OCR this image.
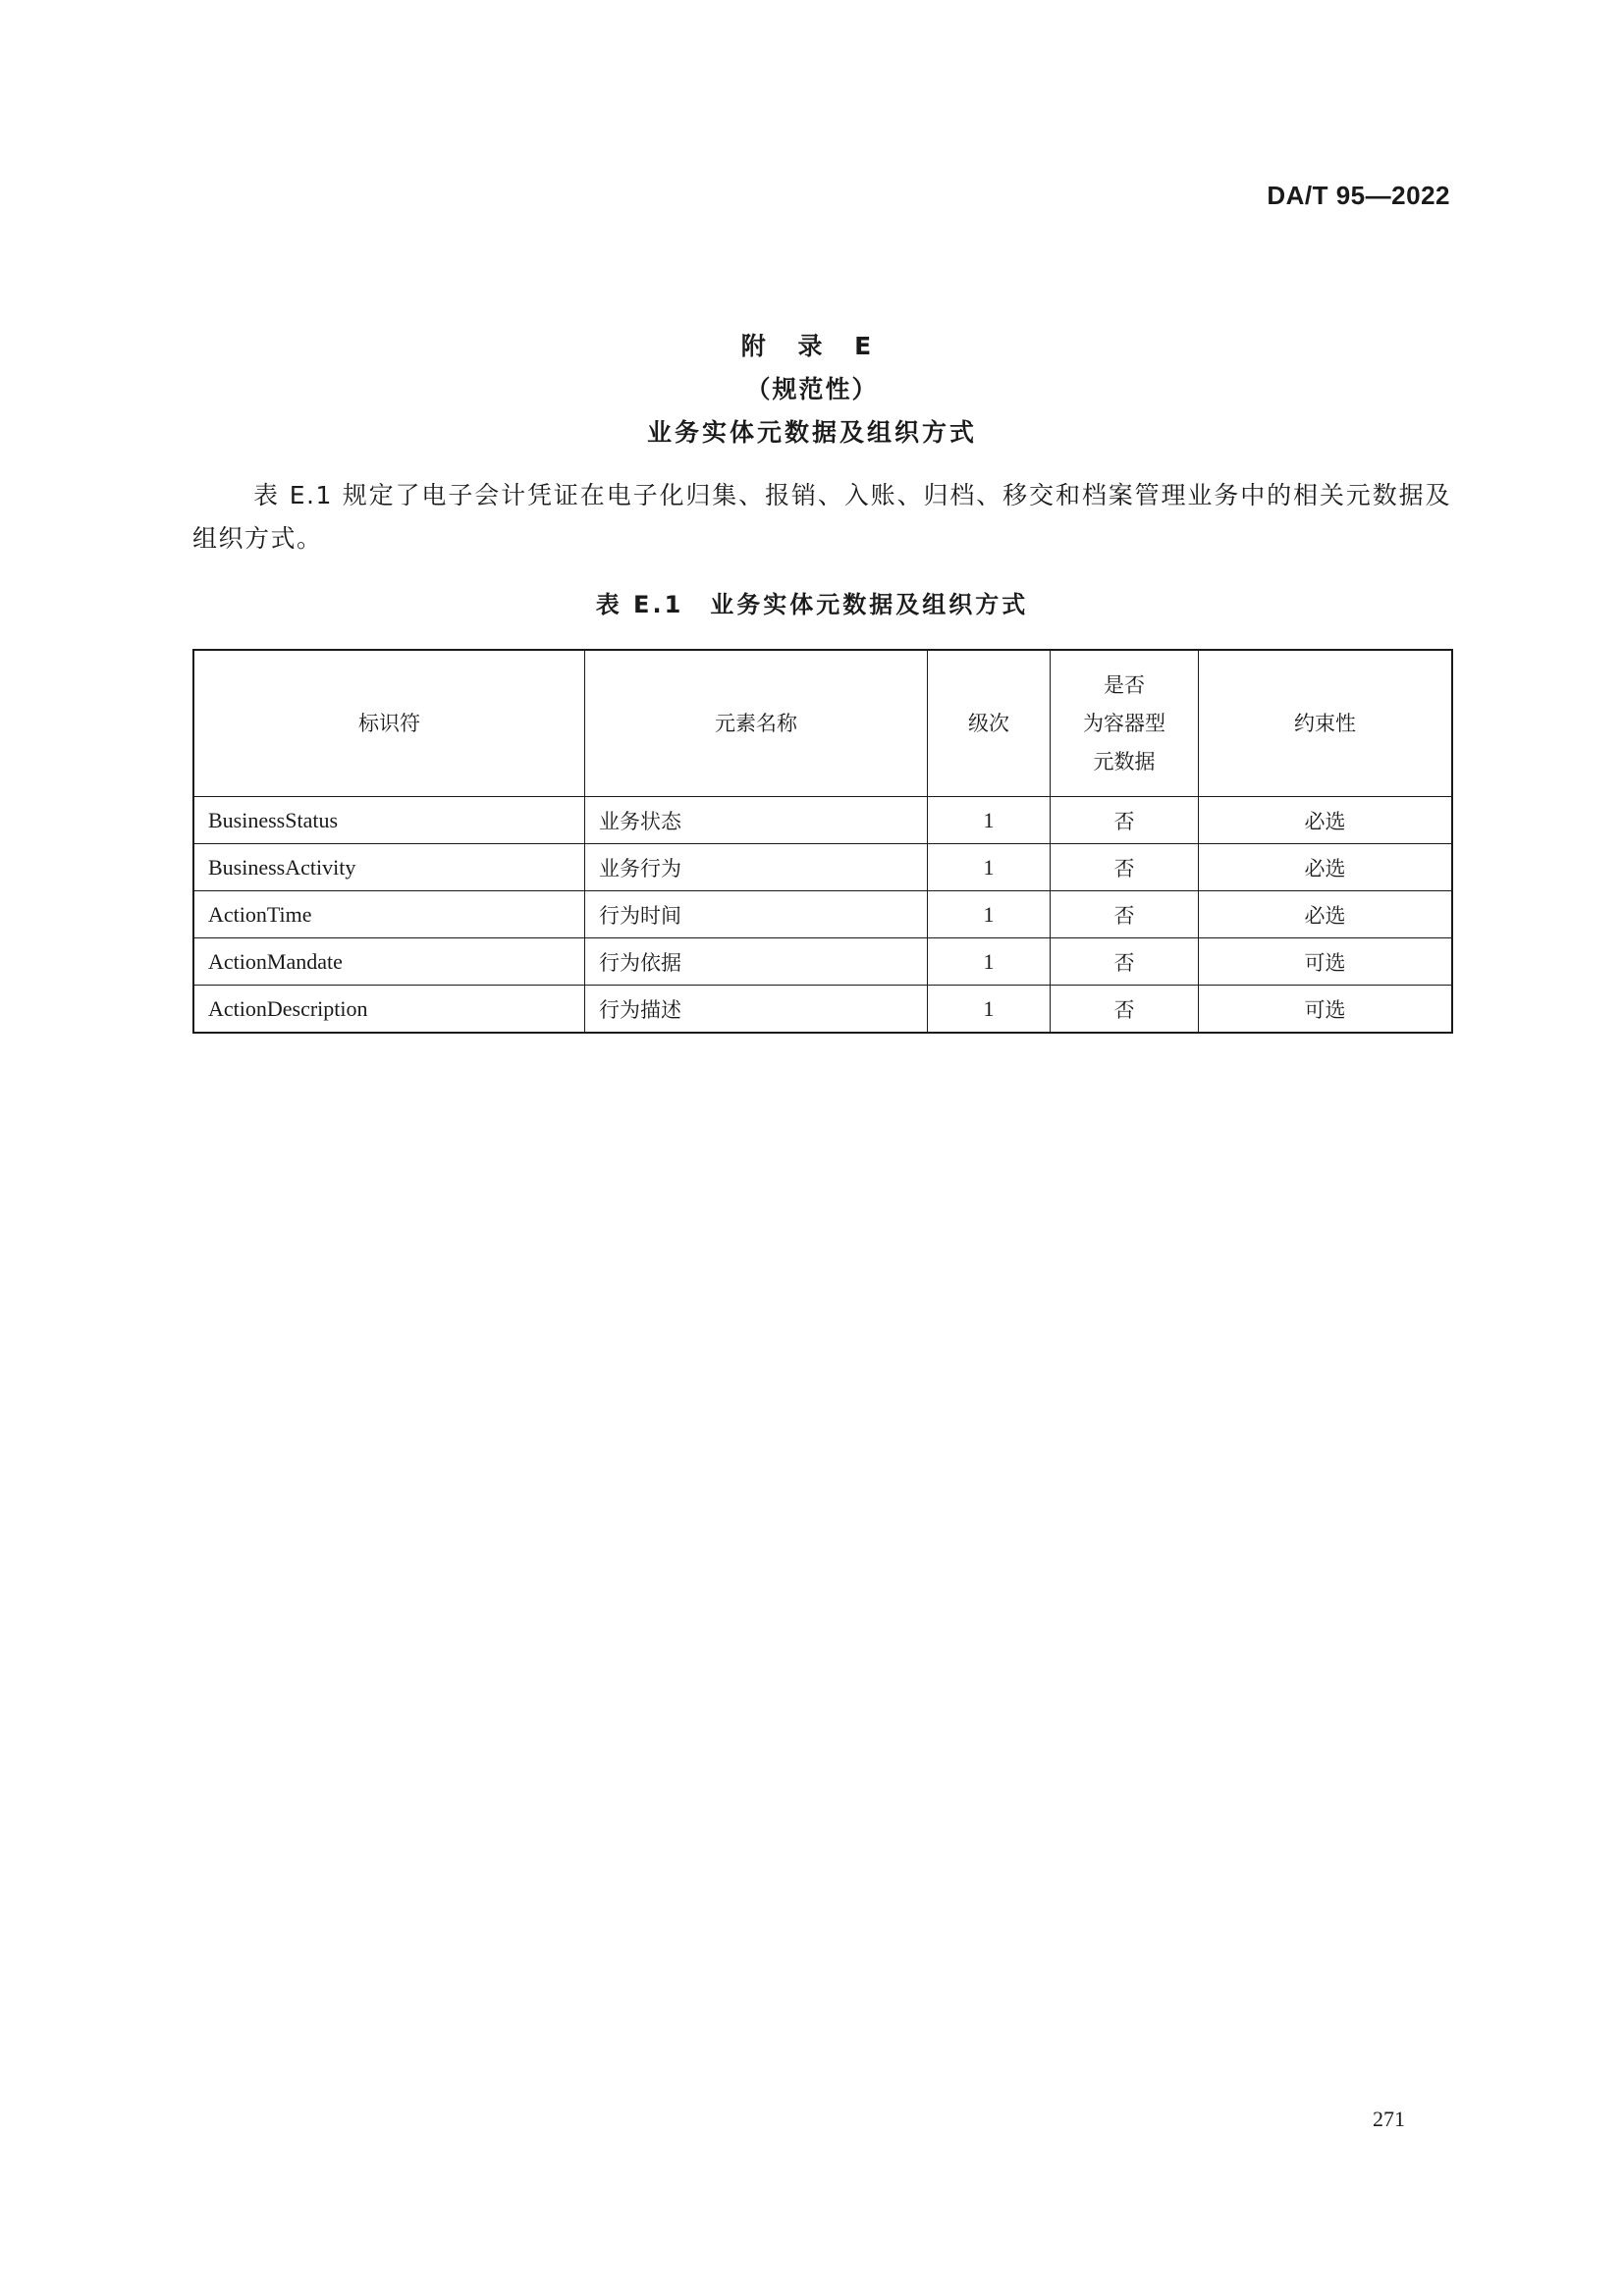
DA/T 95—2022
附 录 E
（规范性）
业务实体元数据及组织方式

表 E.1 规定了电子会计凭证在电子化归集、报销、入账、归档、移交和档案管理业务中的相关元数据及组织方式。

表 E.1　业务实体元数据及组织方式
标识符	元素名称	级次	是否
为容器型
元数据	约束性
BusinessStatus	业务状态	1	否	必选
BusinessActivity	业务行为	1	否	必选
ActionTime	行为时间	1	否	必选
ActionMandate	行为依据	1	否	可选
ActionDescription	行为描述	1	否	可选
271
